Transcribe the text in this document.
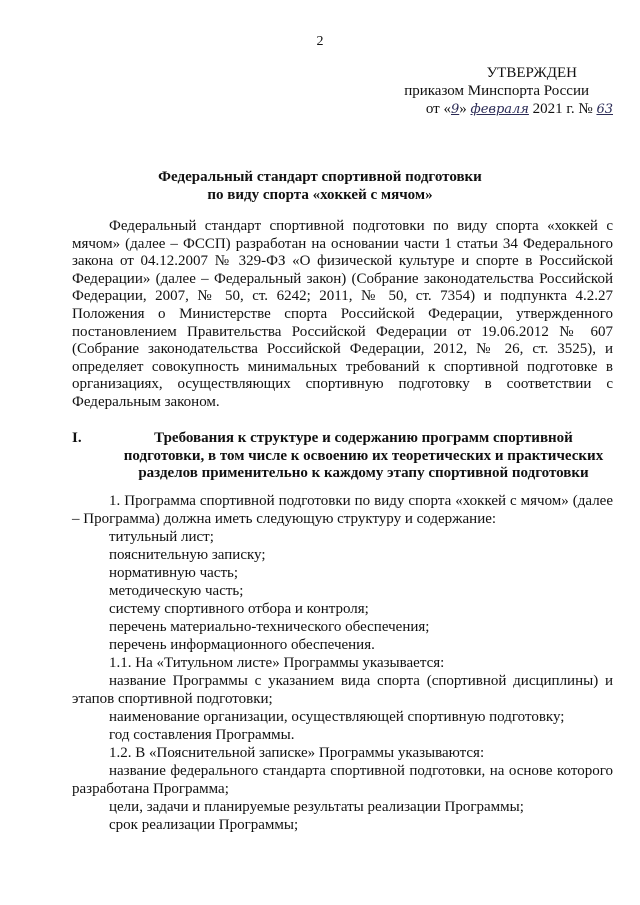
2
УТВЕРЖДЕН
приказом Минспорта России
от «9» февраля 2021 г. № 63
Федеральный стандарт спортивной подготовки
по виду спорта «хоккей с мячом»
Федеральный стандарт спортивной подготовки по виду спорта «хоккей с мячом» (далее – ФССП) разработан на основании части 1 статьи 34 Федерального закона от 04.12.2007 № 329-ФЗ «О физической культуре и спорте в Российской Федерации» (далее – Федеральный закон) (Собрание законодательства Российской Федерации, 2007, № 50, ст. 6242; 2011, № 50, ст. 7354) и подпункта 4.2.27 Положения о Министерстве спорта Российской Федерации, утвержденного постановлением Правительства Российской Федерации от 19.06.2012 № 607 (Собрание законодательства Российской Федерации, 2012, № 26, ст. 3525), и определяет совокупность минимальных требований к спортивной подготовке в организациях, осуществляющих спортивную подготовку в соответствии с Федеральным законом.
I.	Требования к структуре и содержанию программ спортивной подготовки, в том числе к освоению их теоретических и практических разделов применительно к каждому этапу спортивной подготовки

1. Программа спортивной подготовки по виду спорта «хоккей с мячом» (далее – Программа) должна иметь следующую структуру и содержание:

титульный лист;

пояснительную записку;

нормативную часть;

методическую часть;

систему спортивного отбора и контроля;

перечень материально-технического обеспечения;

перечень информационного обеспечения.

1.1. На «Титульном листе» Программы указывается:

название Программы с указанием вида спорта (спортивной дисциплины) и этапов спортивной подготовки;

наименование организации, осуществляющей спортивную подготовку;

год составления Программы.

1.2. В «Пояснительной записке» Программы указываются:

название федерального стандарта спортивной подготовки, на основе которого разработана Программа;

цели, задачи и планируемые результаты реализации Программы;

срок реализации Программы;
